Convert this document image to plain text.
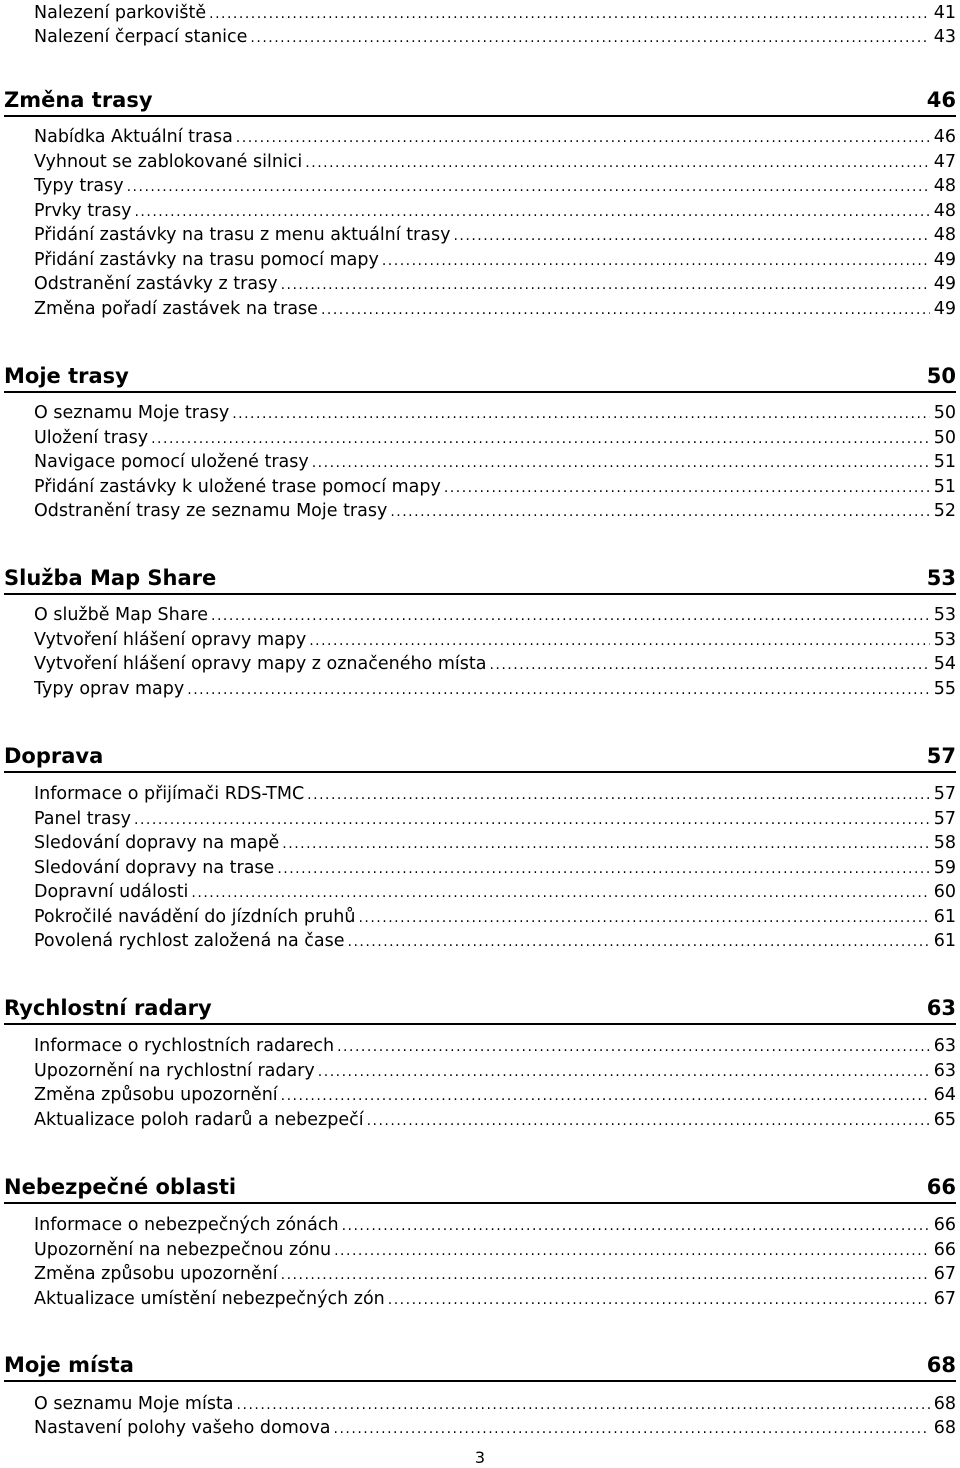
Nalezení parkoviště .....	41
Nalezení čerpací stanice .....	43
Změna trasy	46
Nabídka Aktuální trasa .....	46
Vyhnout se zablokované silnici .....	47
Typy trasy .....	48
Prvky trasy .....	48
Přidání zastávky na trasu z menu aktuální trasy .....	48
Přidání zastávky na trasu pomocí mapy .....	49
Odstranění zastávky z trasy .....	49
Změna pořadí zastávek na trase .....	49
Moje trasy	50
O seznamu Moje trasy .....	50
Uložení trasy .....	50
Navigace pomocí uložené trasy .....	51
Přidání zastávky k uložené trase pomocí mapy .....	51
Odstranění trasy ze seznamu Moje trasy .....	52
Služba Map Share	53
O službě Map Share .....	53
Vytvoření hlášení opravy mapy .....	53
Vytvoření hlášení opravy mapy z označeného místa .....	54
Typy oprav mapy .....	55
Doprava	57
Informace o přijímači RDS-TMC .....	57
Panel trasy .....	57
Sledování dopravy na mapě .....	58
Sledování dopravy na trase .....	59
Dopravní události .....	60
Pokročilé navádění do jízdních pruhů .....	61
Povolená rychlost založená na čase .....	61
Rychlostní radary	63
Informace o rychlostních radarech .....	63
Upozornění na rychlostní radary .....	63
Změna způsobu upozornění .....	64
Aktualizace poloh radarů a nebezpečí .....	65
Nebezpečné oblasti	66
Informace o nebezpečných zónách .....	66
Upozornění na nebezpečnou zónu .....	66
Změna způsobu upozornění .....	67
Aktualizace umístění nebezpečných zón .....	67
Moje místa	68
O seznamu Moje místa .....	68
Nastavení polohy vašeho domova .....	68
3
